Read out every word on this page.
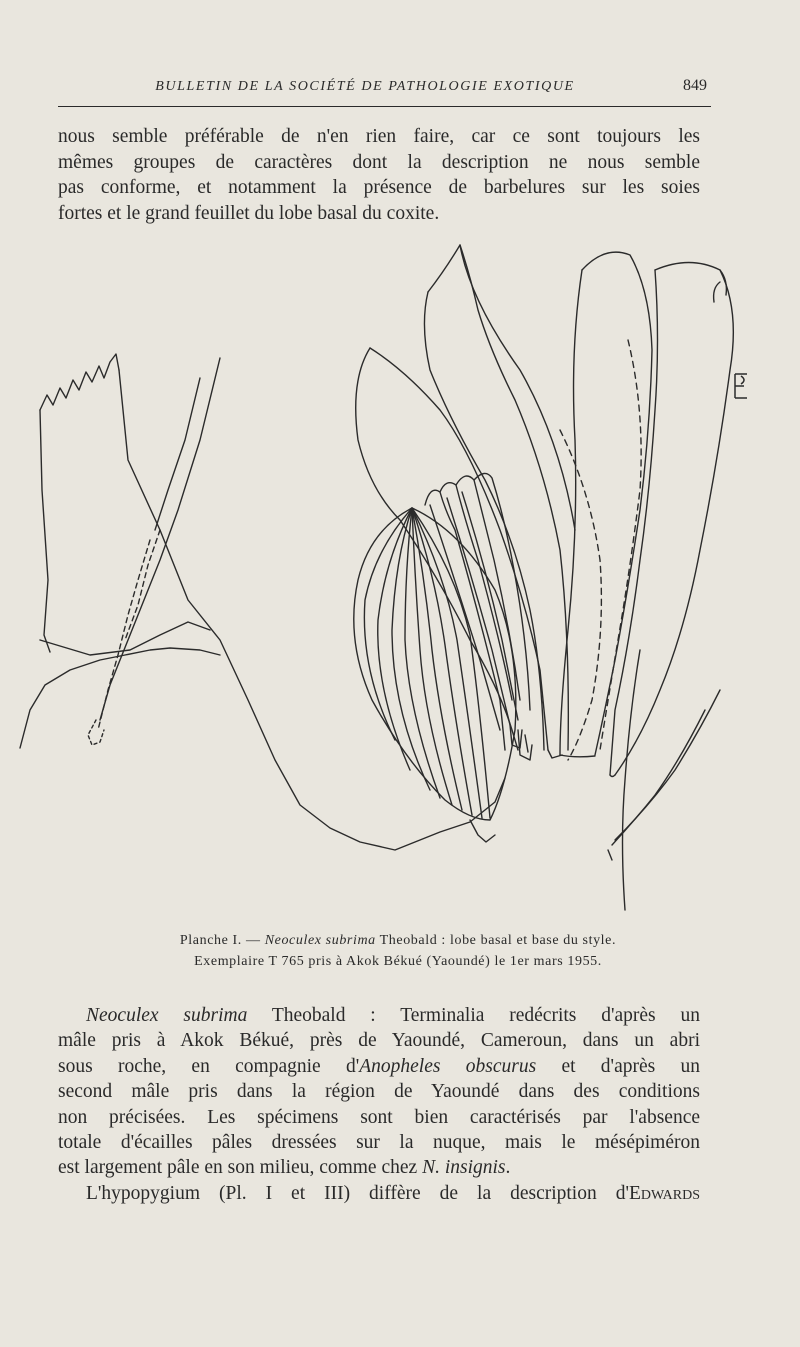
BULLETIN DE LA SOCIÉTÉ DE PATHOLOGIE EXOTIQUE	849
nous semble préférable de n'en rien faire, car ce sont toujours les
mêmes groupes de caractères dont la description ne nous semble
pas conforme, et notamment la présence de barbelures sur les soies
fortes et le grand feuillet du lobe basal du coxite.
Planche I. — Neoculex subrima Theobald : lobe basal et base du style.
Exemplaire T 765 pris à Akok Békué (Yaoundé) le 1er mars 1955.
Neoculex subrima Theobald : Terminalia redécrits d'après un
mâle pris à Akok Békué, près de Yaoundé, Cameroun, dans un abri
sous roche, en compagnie d'Anopheles obscurus et d'après un
second mâle pris dans la région de Yaoundé dans des conditions
non précisées. Les spécimens sont bien caractérisés par l'absence
totale d'écailles pâles dressées sur la nuque, mais le mésépiméron
est largement pâle en son milieu, comme chez N. insignis.
L'hypopygium (Pl. I et III) diffère de la description d'Edwards
